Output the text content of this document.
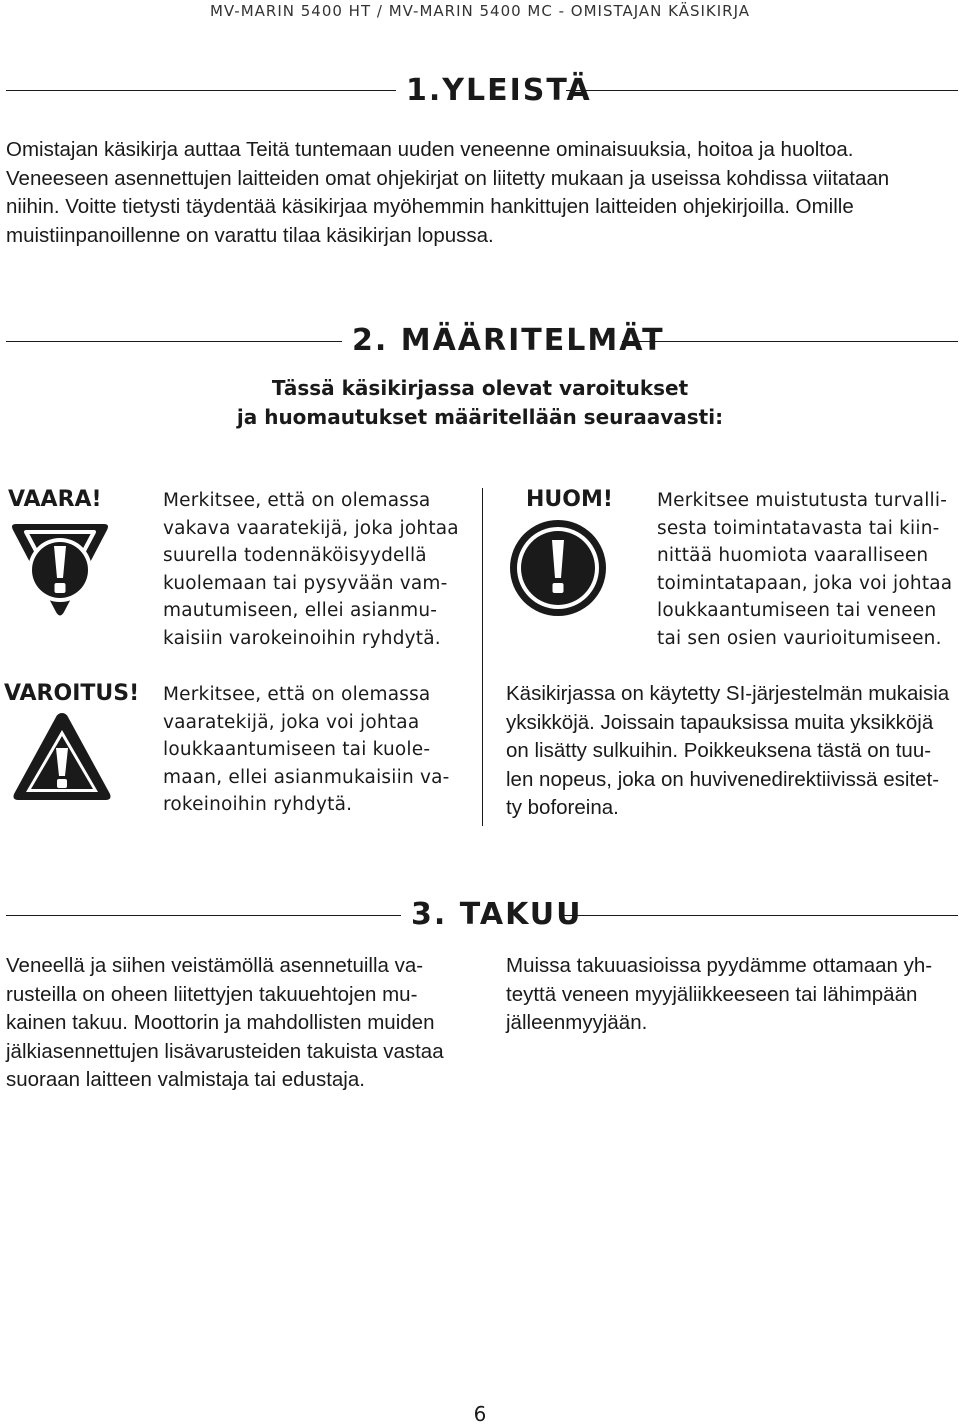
MV-MARIN 5400 HT / MV-MARIN 5400 MC - OMISTAJAN KÄSIKIRJA
1.YLEISTÄ
Omistajan käsikirja auttaa Teitä tuntemaan uuden veneenne ominaisuuksia, hoitoa ja huoltoa.
Veneeseen asennettujen laitteiden omat ohjekirjat on liitetty mukaan ja useissa kohdissa viitataan
niihin. Voitte tietysti täydentää käsikirjaa myöhemmin hankittujen laitteiden ohjekirjoilla. Omille
muistiinpanoillenne on varattu tilaa käsikirjan lopussa.
2. MÄÄRITELMÄT
Tässä käsikirjassa olevat varoitukset
ja huomautukset määritellään seuraavasti:
VAARA!	Merkitsee, että on olemassa
vakava vaaratekijä, joka johtaa
suurella todennäköisyydellä
kuolemaan tai pysyvään vam-
mautumiseen, ellei asianmu-
kaisiin varokeinoihin ryhdytä.
VAROITUS! Merkitsee, että on olemassa
vaaratekijä, joka voi johtaa
loukkaantumiseen tai kuole-
maan, ellei asianmukaisiin va-
rokeinoihin ryhdytä.
HUOM! Merkitsee muistutusta turvalli-
sesta toimintatavasta tai kiin-
nittää huomiota vaaralliseen
toimintatapaan, joka voi johtaa
loukkaantumiseen tai veneen
tai sen osien vaurioitumiseen.
Käsikirjassa on käytetty SI-järjestelmän mukaisia
yksikköjä. Joissain tapauksissa muita yksikköjä
on lisätty sulkuihin. Poikkeuksena tästä on tuu-
len nopeus, joka on huvivenedirektiivissä esitet-
ty boforeina.
3. TAKUU
Veneellä ja siihen veistämöllä asennetuilla va-
rusteilla on oheen liitettyjen takuuehtojen mu-
kainen takuu. Moottorin ja mahdollisten muiden
jälkiasennettujen lisävarusteiden takuista vastaa
suoraan laitteen valmistaja tai edustaja.
Muissa takuuasioissa pyydämme ottamaan yh-
teyttä veneen myyjäliikkeeseen tai lähimpään
jälleenmyyjään.
6
